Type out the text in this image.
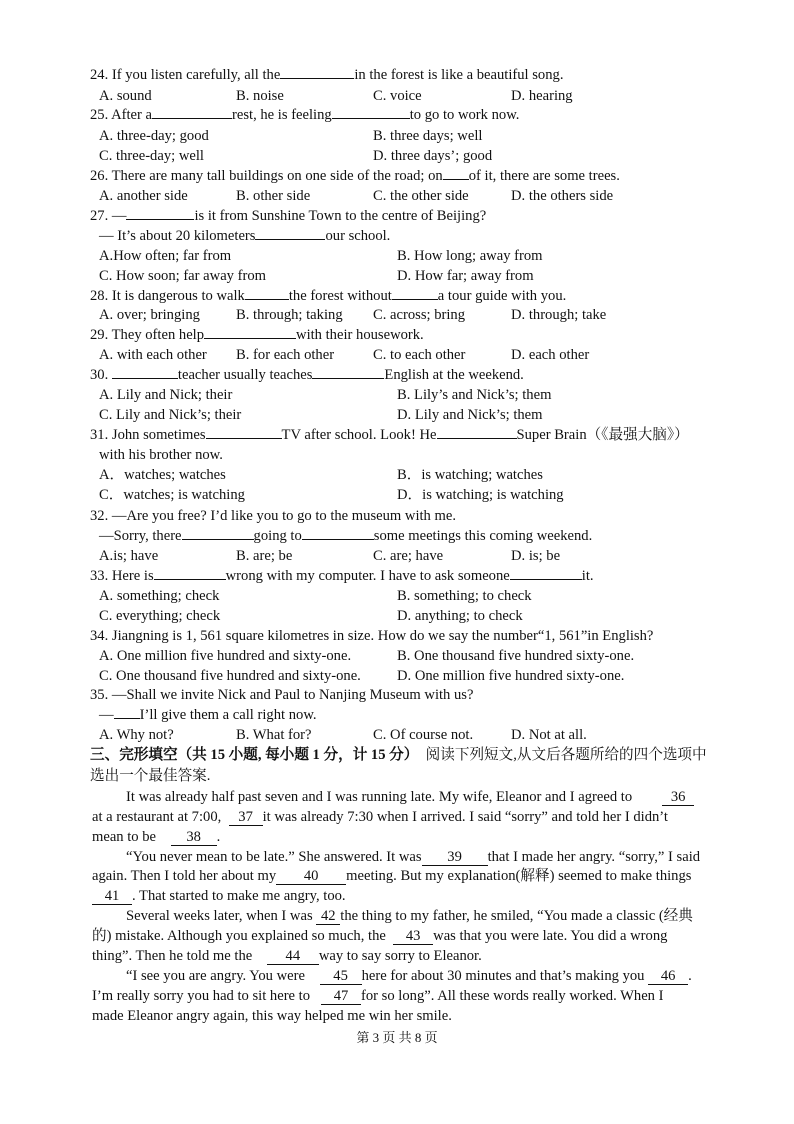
24. If you listen carefully, all the	in the forest is like a beautiful song.
A. sound	B. noise	C. voice	D. hearing
25. After a	rest, he is feeling	to go to work now.
A. three-day; good	B. three days; well
C. three-day; well	D. three days’; good
26. There are many tall buildings on one side of the road; on of it, there are some trees.
A. another side	B. other side	C. the other side	D. the others side
27. —	is it from Sunshine Town to the centre of Beijing?
— It’s about 20 kilometers	our school.
A.How often; far from	B. How long; away from
C. How soon; far away from	D. How far; away from
28. It is dangerous to walk	the forest without	a tour guide with you.
A. over; bringing B. through; taking C. across; bring	D. through; take
29. They often help	with their housework.
A. with each other B. for each other	C. to each other	D. each other
30.	teacher usually teaches	English at the weekend.
A. Lily and Nick; their	B. Lily’s and Nick’s; them
C. Lily and Nick’s; their	D. Lily and Nick’s; them
31. John sometimes	TV after school. Look! He	Super Brain（《最强大脑》）
with his brother now.
A．watches; watches	B．is watching; watches
C．watches; is watching	D．is watching; is watching
32. —Are you free? I’d like you to go to the museum with me.
—Sorry, there	going to	some meetings this coming weekend.
A.is; have	B. are; be	C. are; have	D. is; be
33. Here is	wrong with my computer. I have to ask someone	it.
A. something; check	B. something; to check
C. everything; check	D. anything; to check
34. Jiangning is 1, 561 square kilometres in size. How do we say the number“1, 561”in English?
A. One million five hundred and sixty-one.	B. One thousand five hundred sixty-one.
C. One thousand five hundred and sixty-one. D. One million five hundred sixty-one.
35. —Shall we invite Nick and Paul to Nanjing Museum with us?
— I’ll give them a call right now.
A. Why not?	B. What for?	C. Of course not.	D. Not at all.
三、完形填空（共 15 小题, 每小题 1 分，计 15 分） 阅读下列短文,从文后各题所给的四个选项中
选出一个最佳答案.
It was already half past seven and I was running late. My wife, Eleanor and I agreed to	36
at a restaurant at 7:00, 37 it was already 7:30 when I arrived. I said “sorry” and told her I didn’t
mean to be 38 .
“You never mean to be late.” She answered. It was 39 that I made her angry. “sorry,” I said
again. Then I told her about my 40 meeting. But my explanation(解释) seemed to make things
41 . That started to make me angry, too.
Several weeks later, when I was 42 the thing to my father, he smiled, “You made a classic (经典
的) mistake. Although you explained so much, the 43 was that you were late. You did a wrong
thing”. Then he told me the 44 way to say sorry to Eleanor.
“I see you are angry. You were 45 here for about 30 minutes and that’s making you 46 .
I’m really sorry you had to sit here to 47 for so long”. All these words really worked. When I
made Eleanor angry again, this way helped me win her smile.
第 3 页 共 8 页
